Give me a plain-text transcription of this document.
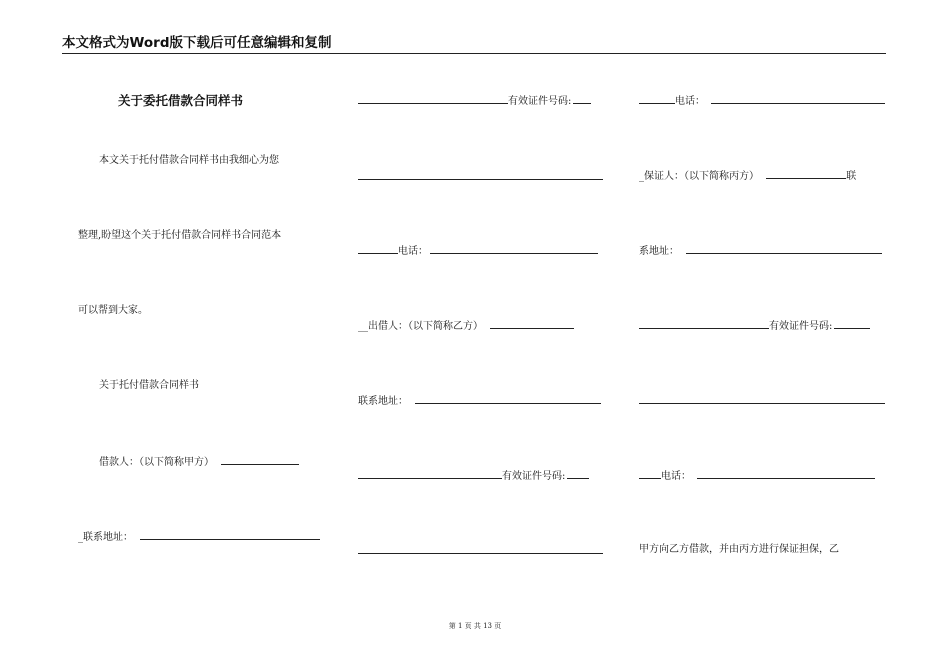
本文格式为Word版下载后可任意编辑和复制
关于委托借款合同样书
本文关于托付借款合同样书由我细心为您
整理,盼望这个关于托付借款合同样书合同范本
可以帮到大家。
关于托付借款合同样书
借款人：（以下简称甲方）
_联系地址：
有效证件号码:
电话：
__出借人：（以下简称乙方）
联系地址：
有效证件号码:
电话：
_保证人：（以下简称丙方）	联
系地址：
有效证件号码:
电话：
甲方向乙方借款，并由丙方进行保证担保，乙
第 1 页 共 13 页
